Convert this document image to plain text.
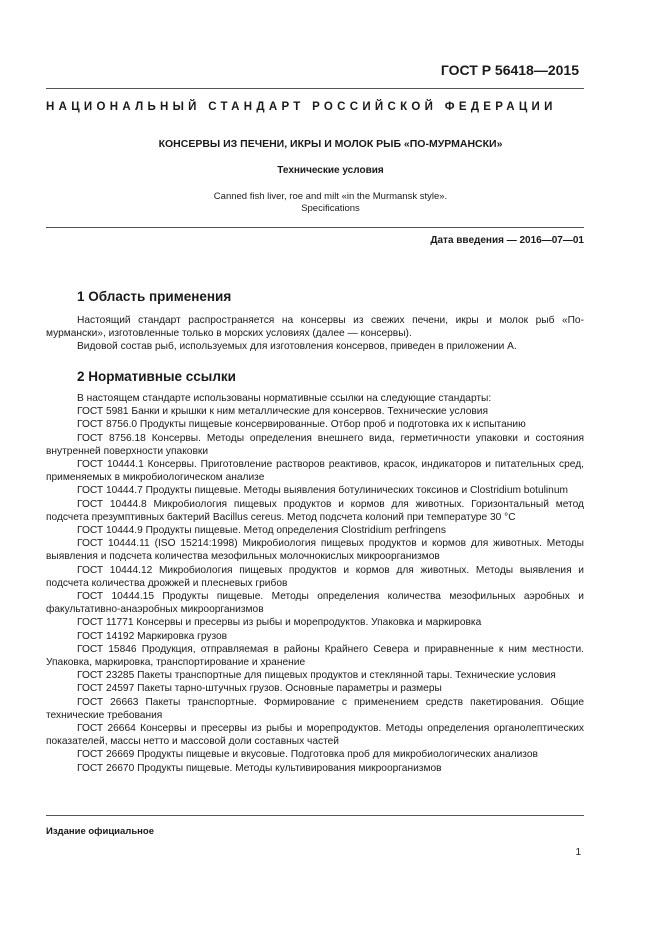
ГОСТ Р 56418—2015
НАЦИОНАЛЬНЫЙ СТАНДАРТ РОССИЙСКОЙ ФЕДЕРАЦИИ
КОНСЕРВЫ ИЗ ПЕЧЕНИ, ИКРЫ И МОЛОК РЫБ «ПО-МУРМАНСКИ»
Технические условия
Canned fish liver, roe and milt «in the Murmansk style».
Specifications
Дата введения — 2016—07—01
1 Область применения
Настоящий стандарт распространяется на консервы из свежих печени, икры и молок рыб «По-мурмански», изготовленные только в морских условиях (далее — консервы).
Видовой состав рыб, используемых для изготовления консервов, приведен в приложении А.
2 Нормативные ссылки

В настоящем стандарте использованы нормативные ссылки на следующие стандарты:

ГОСТ 5981 Банки и крышки к ним металлические для консервов. Технические условия

ГОСТ 8756.0 Продукты пищевые консервированные. Отбор проб и подготовка их к испытанию

ГОСТ 8756.18 Консервы. Методы определения внешнего вида, герметичности упаковки и состояния внутренней поверхности упаковки

ГОСТ 10444.1 Консервы. Приготовление растворов реактивов, красок, индикаторов и питательных сред, применяемых в микробиологическом анализе

ГОСТ 10444.7 Продукты пищевые. Методы выявления ботулинических токсинов и Clostridium botulinum

ГОСТ 10444.8 Микробиология пищевых продуктов и кормов для животных. Горизонтальный метод подсчета презумптивных бактерий Bacillus cereus. Метод подсчета колоний при температуре 30 °С

ГОСТ 10444.9 Продукты пищевые. Метод определения Clostridium perfringens

ГОСТ 10444.11 (ISO 15214:1998) Микробиология пищевых продуктов и кормов для животных. Методы выявления и подсчета количества мезофильных молочнокислых микроорганизмов

ГОСТ 10444.12 Микробиология пищевых продуктов и кормов для животных. Методы выявления и подсчета количества дрожжей и плесневых грибов

ГОСТ 10444.15 Продукты пищевые. Методы определения количества мезофильных аэробных и факультативно-анаэробных микроорганизмов

ГОСТ 11771 Консервы и пресервы из рыбы и морепродуктов. Упаковка и маркировка

ГОСТ 14192 Маркировка грузов

ГОСТ 15846 Продукция, отправляемая в районы Крайнего Севера и приравненные к ним местности. Упаковка, маркировка, транспортирование и хранение

ГОСТ 23285 Пакеты транспортные для пищевых продуктов и стеклянной тары. Технические условия

ГОСТ 24597 Пакеты тарно-штучных грузов. Основные параметры и размеры

ГОСТ 26663 Пакеты транспортные. Формирование с применением средств пакетирования. Общие технические требования

ГОСТ 26664 Консервы и пресервы из рыбы и морепродуктов. Методы определения органолептических показателей, массы нетто и массовой доли составных частей

ГОСТ 26669 Продукты пищевые и вкусовые. Подготовка проб для микробиологических анализов

ГОСТ 26670 Продукты пищевые. Методы культивирования микроорганизмов

Издание официальное
1
